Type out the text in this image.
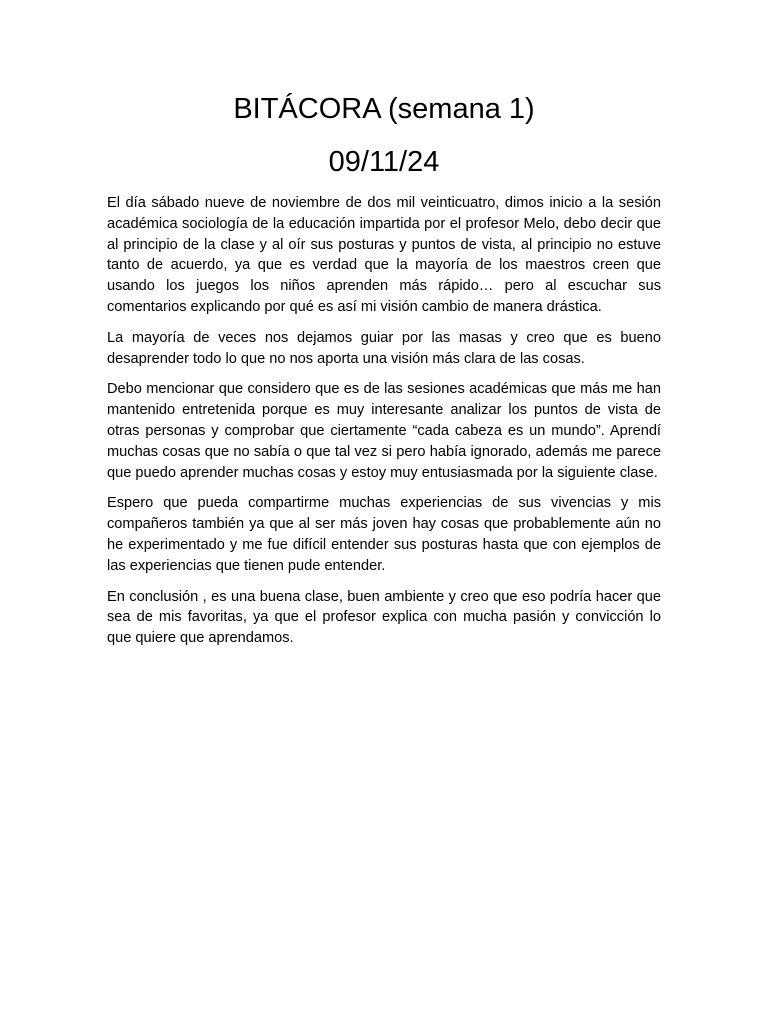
BITÁCORA (semana 1)
09/11/24

El día sábado nueve de noviembre de dos mil veinticuatro, dimos inicio a la sesión académica sociología de la educación impartida por el profesor Melo, debo decir que al principio de la clase y al oír sus posturas y puntos de vista, al principio no estuve tanto de acuerdo, ya que es verdad que la mayoría de los maestros creen que usando los juegos los niños aprenden más rápido… pero al escuchar sus comentarios explicando por qué es así mi visión cambio de manera drástica.

La mayoría de veces nos dejamos guiar por las masas y creo que es bueno desaprender todo lo que no nos aporta una visión más clara de las cosas.

Debo mencionar que considero que es de las sesiones académicas que más me han mantenido entretenida porque es muy interesante analizar los puntos de vista de otras personas y comprobar que ciertamente “cada cabeza es un mundo”. Aprendí muchas cosas que no sabía o que tal vez si pero había ignorado, además me parece que puedo aprender muchas cosas y estoy muy entusiasmada por la siguiente clase.

Espero que pueda compartirme muchas experiencias de sus vivencias y mis compañeros también ya que al ser más joven hay cosas que probablemente aún no he experimentado y me fue difícil entender sus posturas hasta que con ejemplos de las experiencias que tienen pude entender.

En conclusión , es una buena clase, buen ambiente y creo que eso podría hacer que sea de mis favoritas, ya que el profesor explica con mucha pasión y convicción lo que quiere que aprendamos.
